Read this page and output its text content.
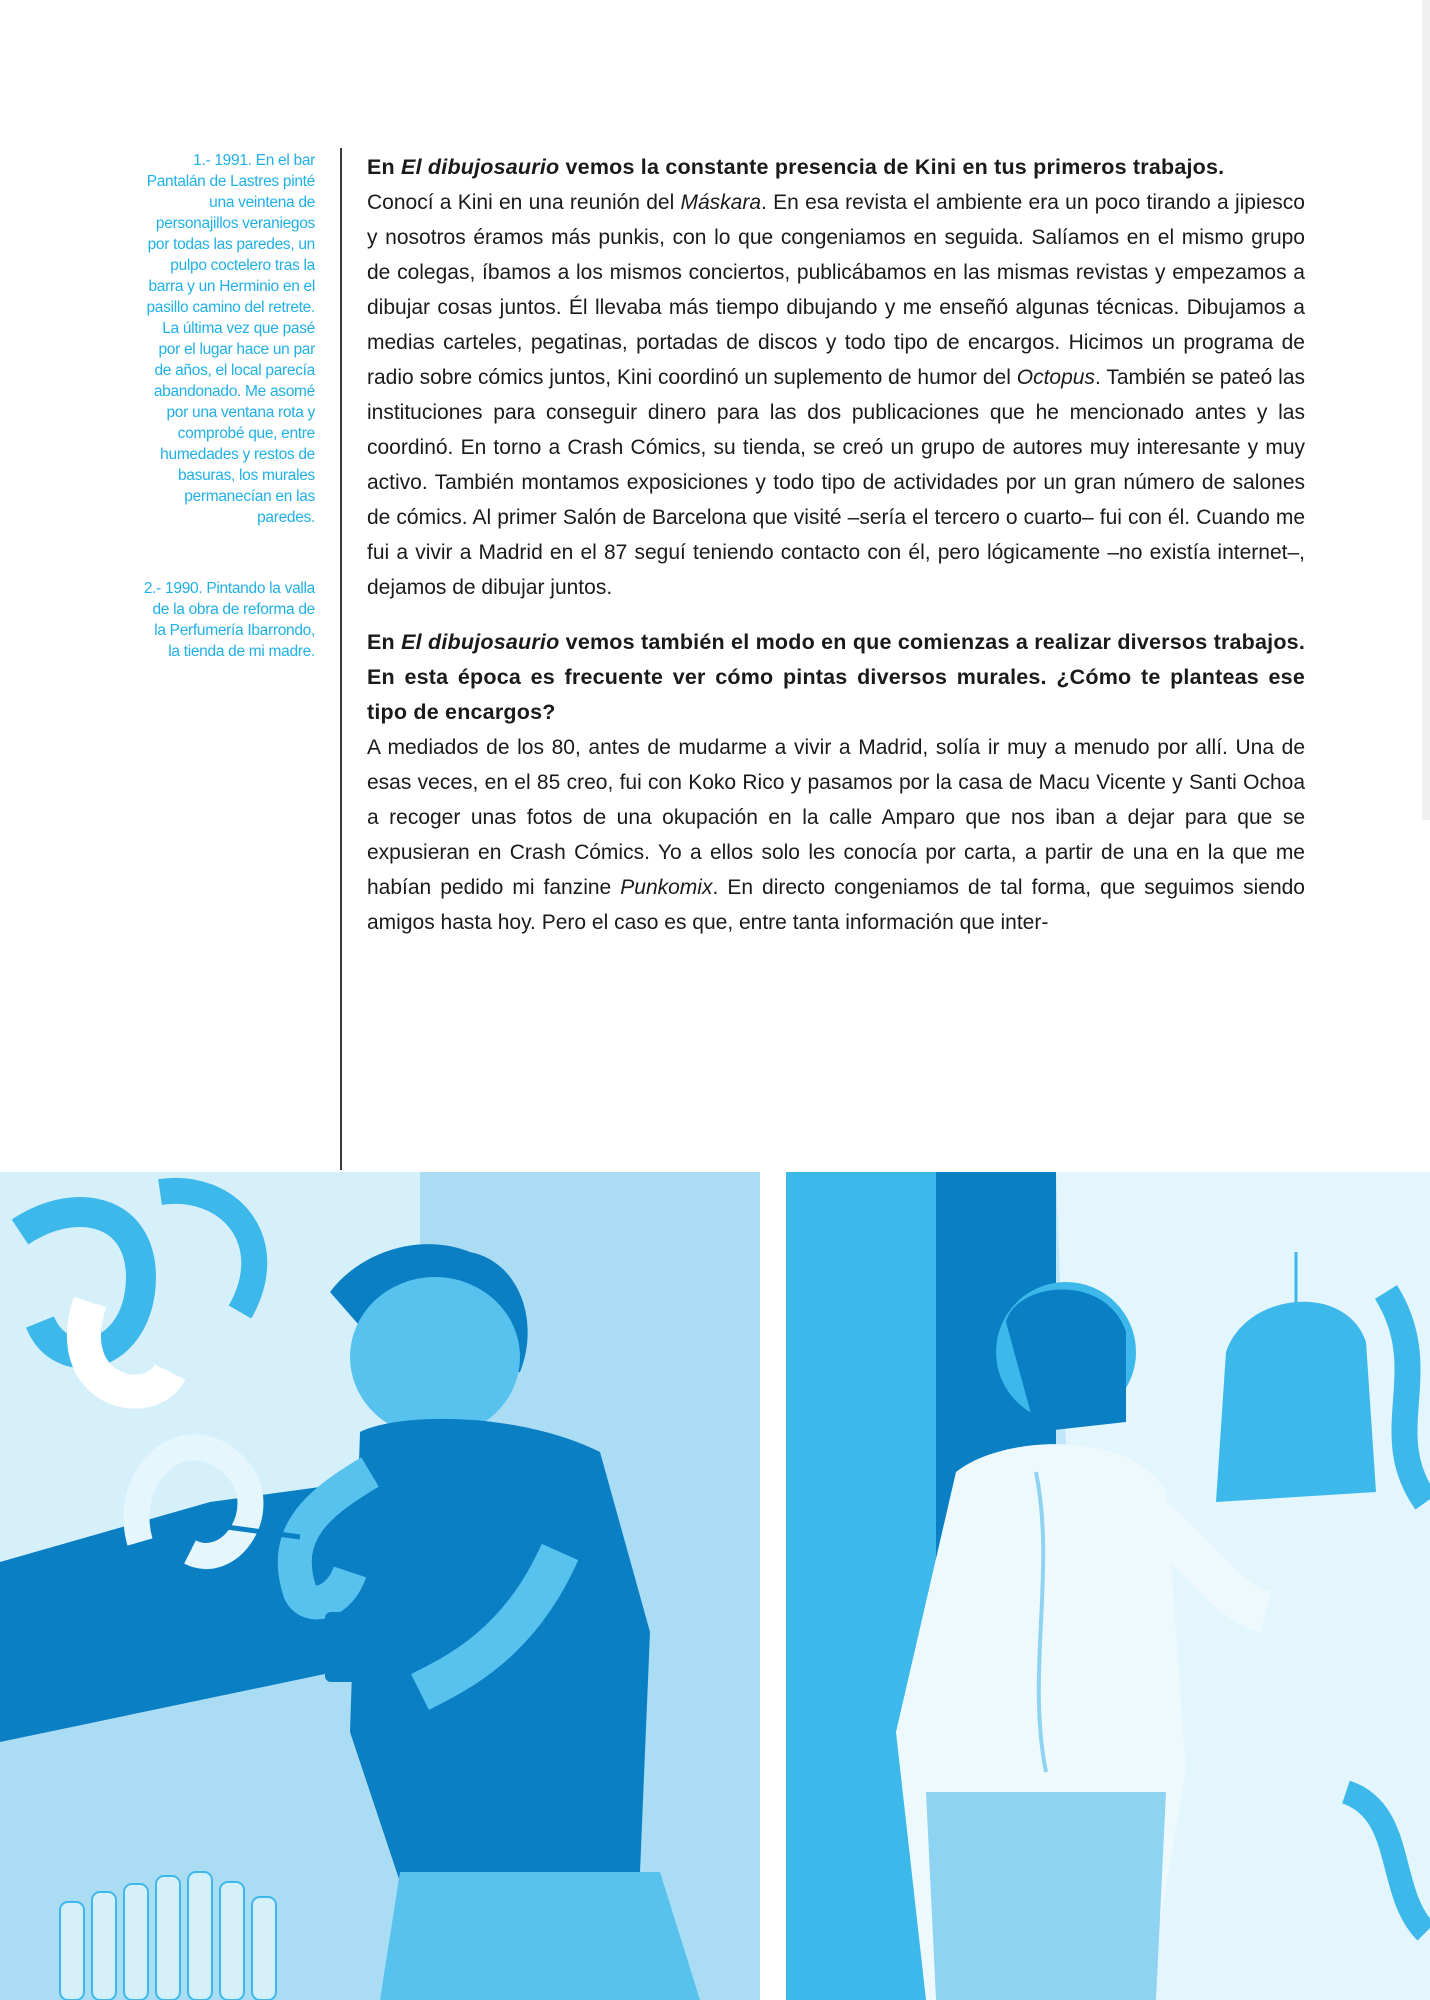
1.- 1991. En el bar Pantalán de Lastres pinté una veintena de personajillos veraniegos por todas las paredes, un pulpo coctelero tras la barra y un Herminio en el pasillo camino del retrete. La última vez que pasé por el lugar hace un par de años, el local parecía abandonado. Me asomé por una ventana rota y comprobé que, entre humedades y restos de basuras, los murales permanecían en las paredes.

2.- 1990. Pintando la valla de la obra de reforma de la Perfumería Ibarrondo, la tienda de mi madre.

En El dibujosaurio vemos la constante presencia de Kini en tus primeros trabajos.

Conocí a Kini en una reunión del Máskara. En esa revista el ambiente era un poco tirando a jipiesco y nosotros éramos más punkis, con lo que congeniamos en seguida. Salíamos en el mismo grupo de colegas, íbamos a los mismos conciertos, publicábamos en las mismas revistas y empezamos a dibujar cosas juntos. Él llevaba más tiempo dibujando y me enseñó algunas técnicas. Dibujamos a medias carteles, pegatinas, portadas de discos y todo tipo de encargos. Hicimos un programa de radio sobre cómics juntos, Kini coordinó un suplemento de humor del Octopus. También se pateó las instituciones para conseguir dinero para las dos publicaciones que he mencionado antes y las coordinó. En torno a Crash Cómics, su tienda, se creó un grupo de autores muy interesante y muy activo. También montamos exposiciones y todo tipo de actividades por un gran número de salones de cómics. Al primer Salón de Barcelona que visité –sería el tercero o cuarto– fui con él. Cuando me fui a vivir a Madrid en el 87 seguí teniendo contacto con él, pero lógicamente –no existía internet–, dejamos de dibujar juntos.

En El dibujosaurio vemos también el modo en que comienzas a realizar diversos trabajos. En esta época es frecuente ver cómo pintas diversos murales. ¿Cómo te planteas ese tipo de encargos?

A mediados de los 80, antes de mudarme a vivir a Madrid, solía ir muy a menudo por allí. Una de esas veces, en el 85 creo, fui con Koko Rico y pasamos por la casa de Macu Vicente y Santi Ochoa a recoger unas fotos de una okupación en la calle Amparo que nos iban a dejar para que se expusieran en Crash Cómics. Yo a ellos solo les conocía por carta, a partir de una en la que me habían pedido mi fanzine Punkomix. En directo congeniamos de tal forma, que seguimos siendo amigos hasta hoy. Pero el caso es que, entre tanta información que inter-
